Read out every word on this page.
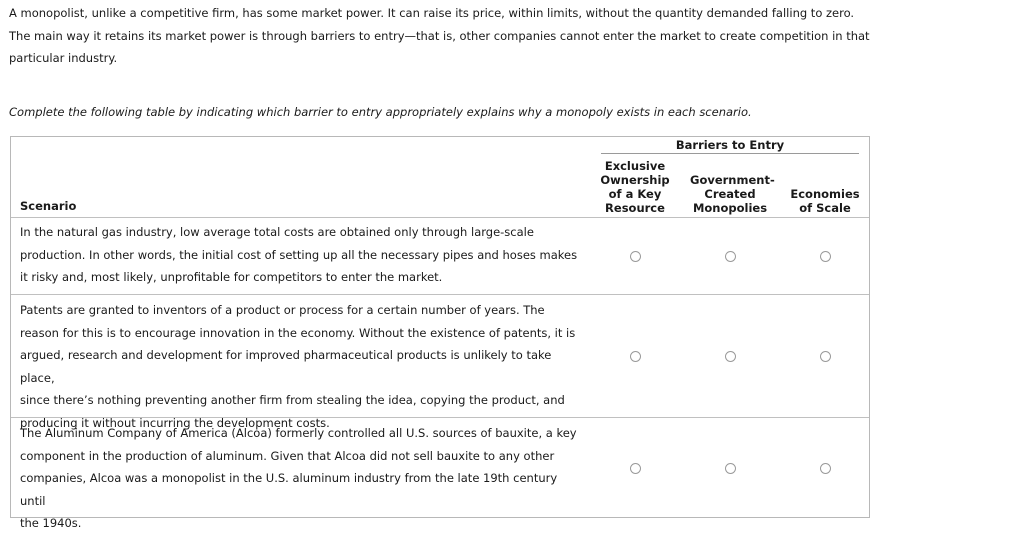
A monopolist, unlike a competitive firm, has some market power. It can raise its price, within limits, without the quantity demanded falling to zero.
The main way it retains its market power is through barriers to entry—that is, other companies cannot enter the market to create competition in that
particular industry.

Complete the following table by indicating which barrier to entry appropriately explains why a monopoly exists in each scenario.

Barriers to Entry
Exclusive
Ownership
of a Key
Resource
Government-
Created
Monopolies
Economies
of Scale
Scenario
In the natural gas industry, low average total costs are obtained only through large-scale
production. In other words, the initial cost of setting up all the necessary pipes and hoses makes
it risky and, most likely, unprofitable for competitors to enter the market.
Patents are granted to inventors of a product or process for a certain number of years. The
reason for this is to encourage innovation in the economy. Without the existence of patents, it is
argued, research and development for improved pharmaceutical products is unlikely to take place,
since there’s nothing preventing another firm from stealing the idea, copying the product, and
producing it without incurring the development costs.
The Aluminum Company of America (Alcoa) formerly controlled all U.S. sources of bauxite, a key
component in the production of aluminum. Given that Alcoa did not sell bauxite to any other
companies, Alcoa was a monopolist in the U.S. aluminum industry from the late 19th century until
the 1940s.
